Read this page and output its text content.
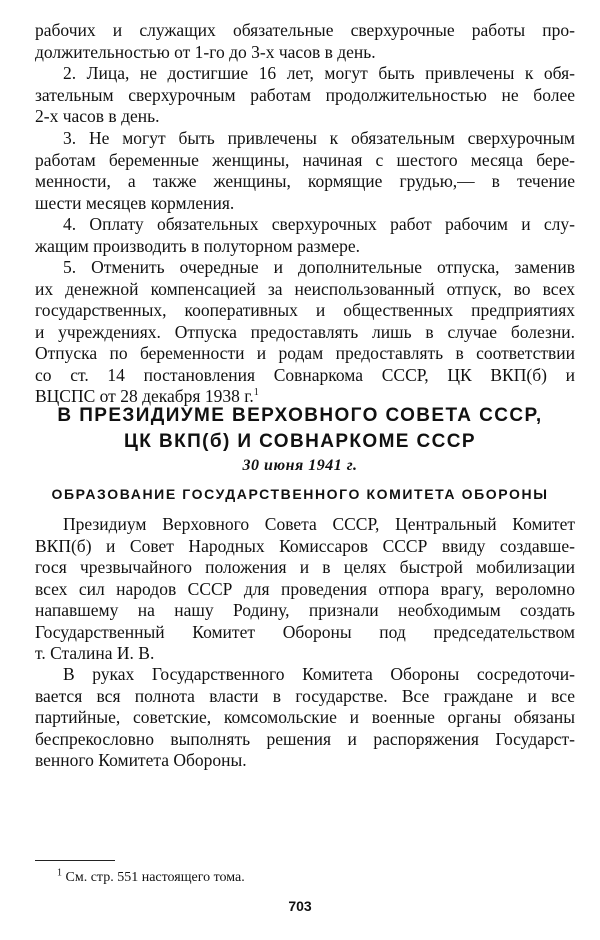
рабочих и служащих обязательные сверхурочные работы про-
должительностью от 1-го до 3-х часов в день.
2. Лица, не достигшие 16 лет, могут быть привлечены к обя-
зательным сверхурочным работам продолжительностью не более
2-х часов в день.
3. Не могут быть привлечены к обязательным сверхурочным
работам беременные женщины, начиная с шестого месяца бере-
менности, а также женщины, кормящие грудью,— в течение
шести месяцев кормления.
4. Оплату обязательных сверхурочных работ рабочим и слу-
жащим производить в полуторном размере.
5. Отменить очередные и дополнительные отпуска, заменив
их денежной компенсацией за неиспользованный отпуск, во всех
государственных, кооперативных и общественных предприятиях
и учреждениях. Отпуска предоставлять лишь в случае болезни.
Отпуска по беременности и родам предоставлять в соответствии
со ст. 14 постановления Совнаркома СССР, ЦК ВКП(б) и
ВЦСПС от 28 декабря 1938 г.$^1$
В ПРЕЗИДИУМЕ ВЕРХОВНОГО СОВЕТА СССР,
ЦК ВКП(б) И СОВНАРКОМЕ СССР
30 июня 1941 г.
ОБРАЗОВАНИЕ ГОСУДАРСТВЕННОГО КОМИТЕТА ОБОРОНЫ
Президиум Верховного Совета СССР, Центральный Комитет
ВКП(б) и Совет Народных Комиссаров СССР ввиду создавше-
гося чрезвычайного положения и в целях быстрой мобилизации
всех сил народов СССР для проведения отпора врагу, вероломно
напавшему на нашу Родину, признали необходимым создать
Государственный Комитет Обороны под председательством
т. Сталина И. В.
В руках Государственного Комитета Обороны сосредоточи-
вается вся полнота власти в государстве. Все граждане и все
партийные, советские, комсомольские и военные органы обязаны
беспрекословно выполнять решения и распоряжения Государст-
венного Комитета Обороны.
$^1$ См. стр. 551 настоящего тома.
703
